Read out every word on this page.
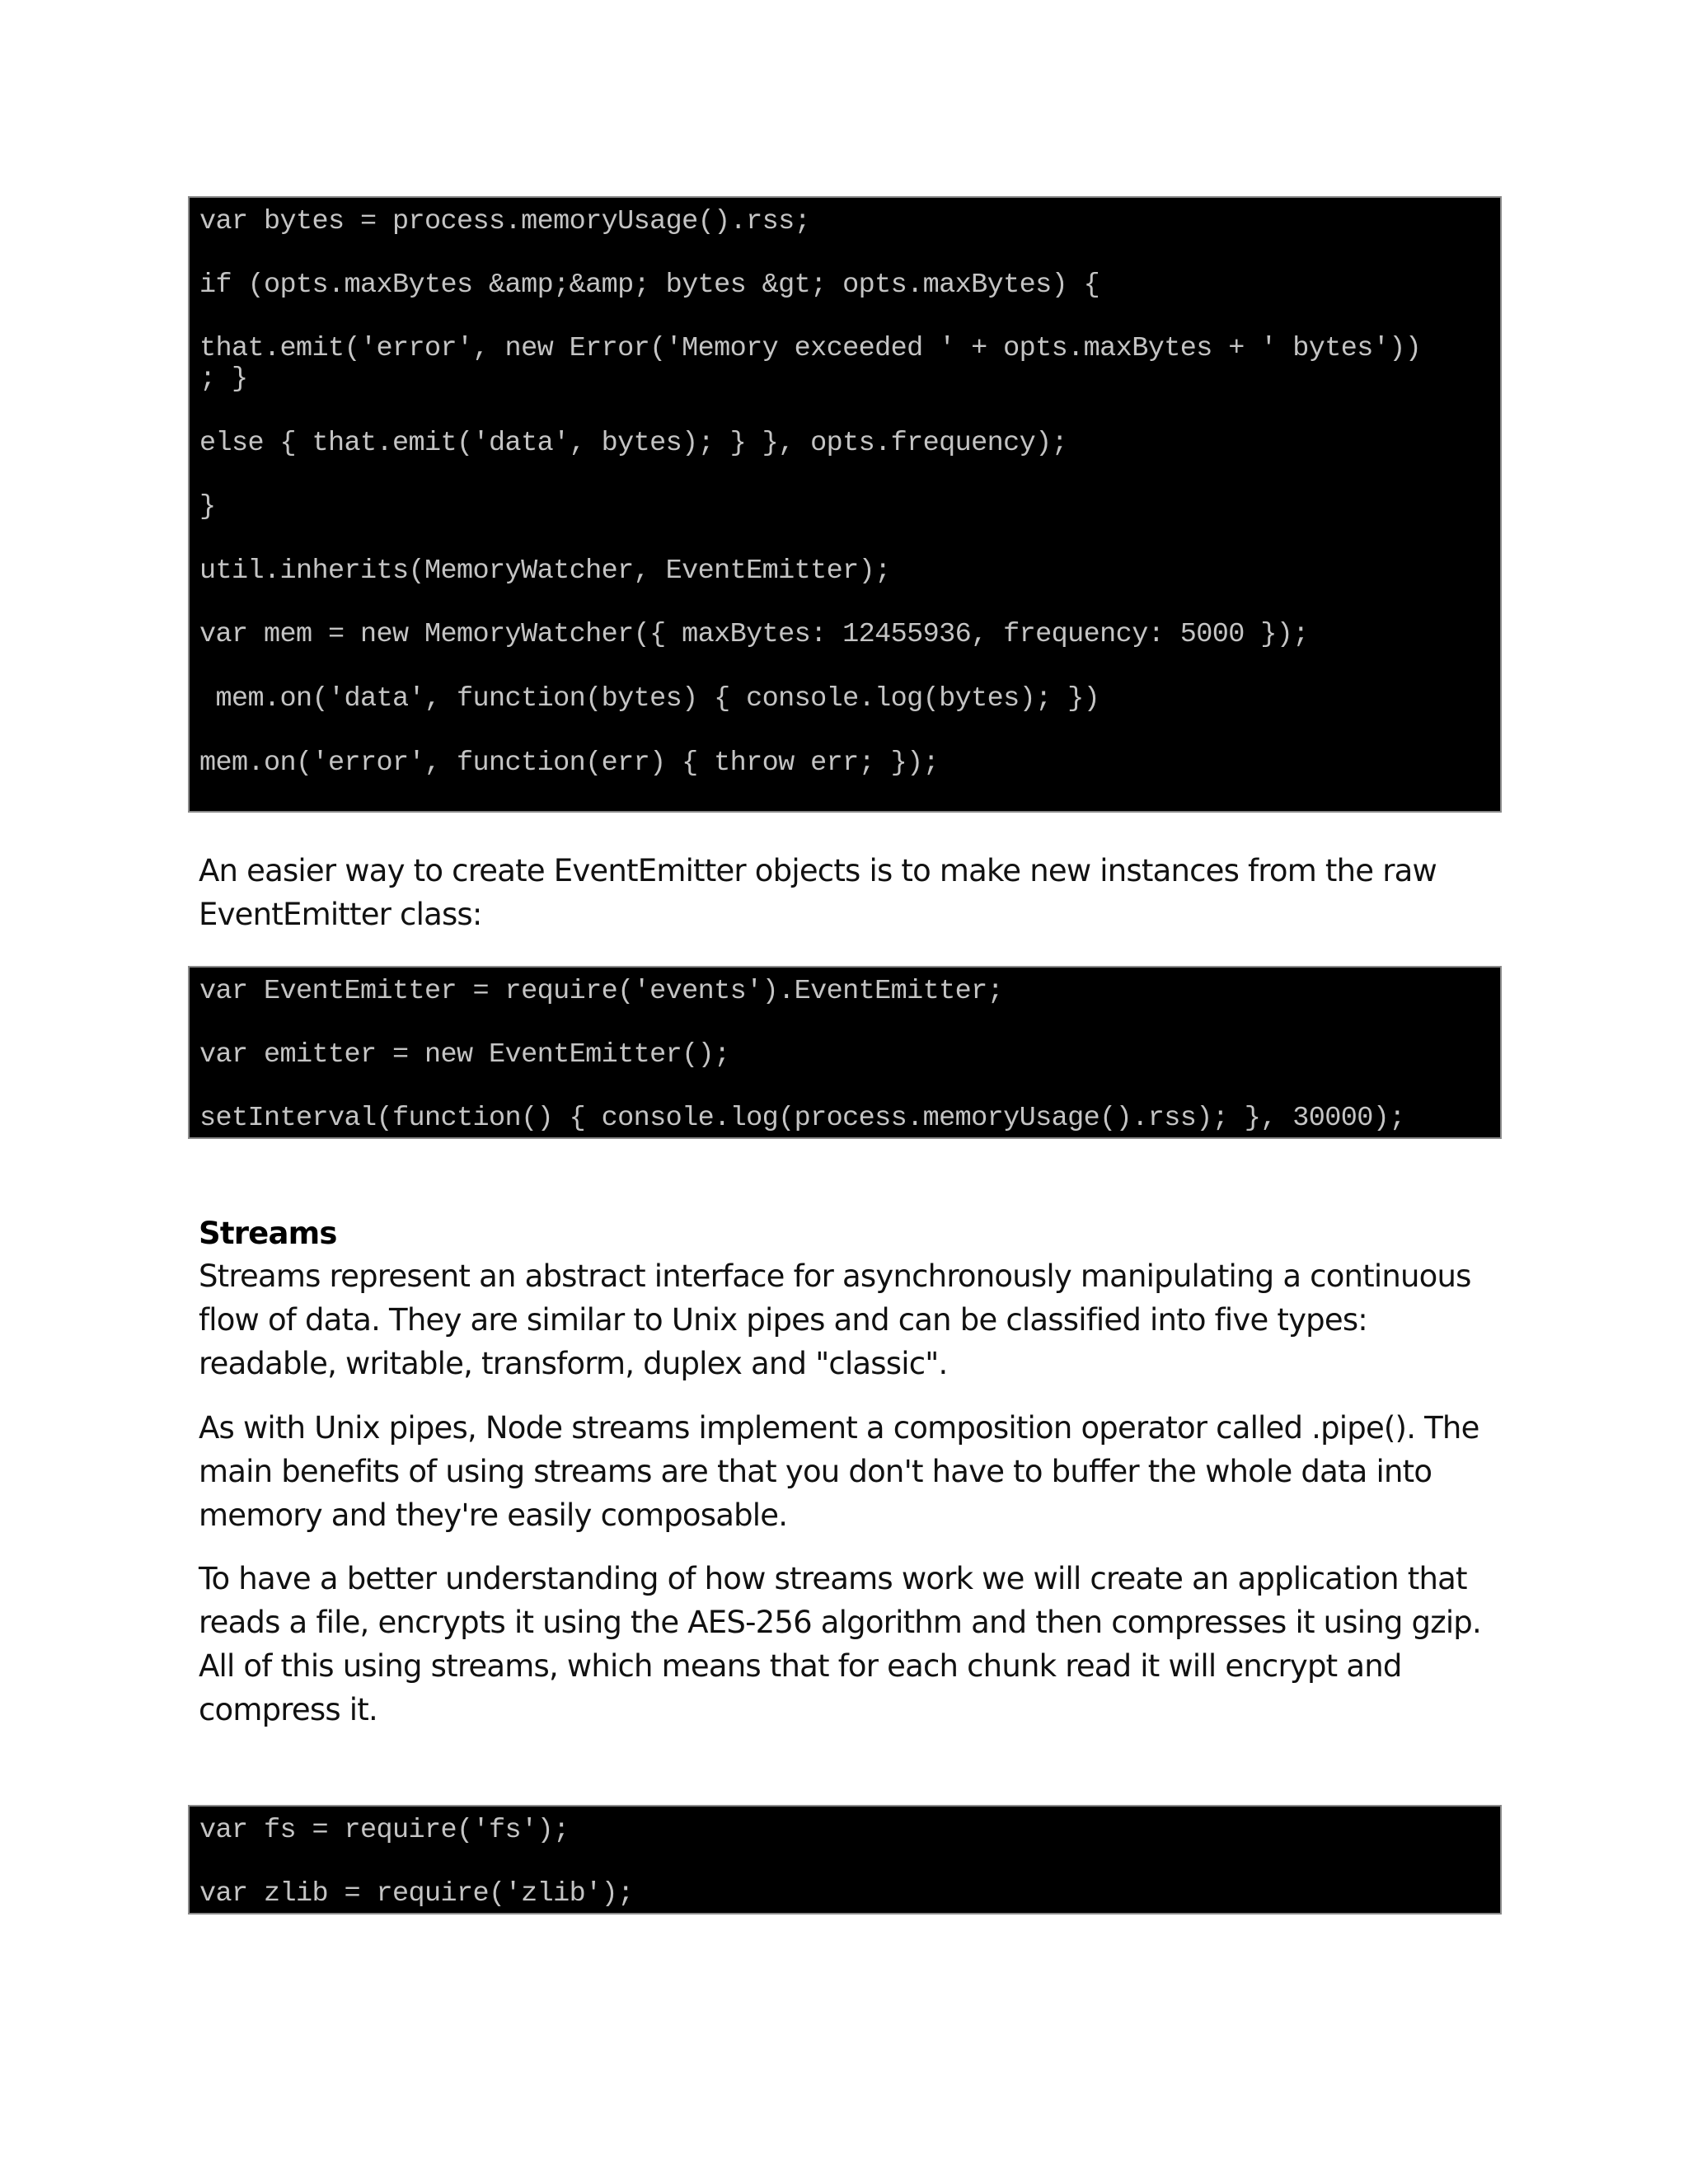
var bytes = process.memoryUsage().rss;
if (opts.maxBytes &amp;&amp; bytes &gt; opts.maxBytes) {
that.emit('error', new Error('Memory exceeded ' + opts.maxBytes + ' bytes'))
; }
else { that.emit('data', bytes); } }, opts.frequency);
}
util.inherits(MemoryWatcher, EventEmitter);
var mem = new MemoryWatcher({ maxBytes: 12455936, frequency: 5000 });
mem.on('data', function(bytes) { console.log(bytes); })
mem.on('error', function(err) { throw err; });

An easier way to create EventEmitter objects is to make new instances from the raw EventEmitter class:

var EventEmitter = require('events').EventEmitter;
var emitter = new EventEmitter();
setInterval(function() { console.log(process.memoryUsage().rss); }, 30000);
Streams

Streams represent an abstract interface for asynchronously manipulating a continuous flow of data. They are similar to Unix pipes and can be classified into five types: readable, writable, transform, duplex and "classic".

As with Unix pipes, Node streams implement a composition operator called .pipe(). The main benefits of using streams are that you don't have to buffer the whole data into memory and they're easily composable.

To have a better understanding of how streams work we will create an application that reads a file, encrypts it using the AES-256 algorithm and then compresses it using gzip. All of this using streams, which means that for each chunk read it will encrypt and compress it.

var fs = require('fs');
var zlib = require('zlib');
